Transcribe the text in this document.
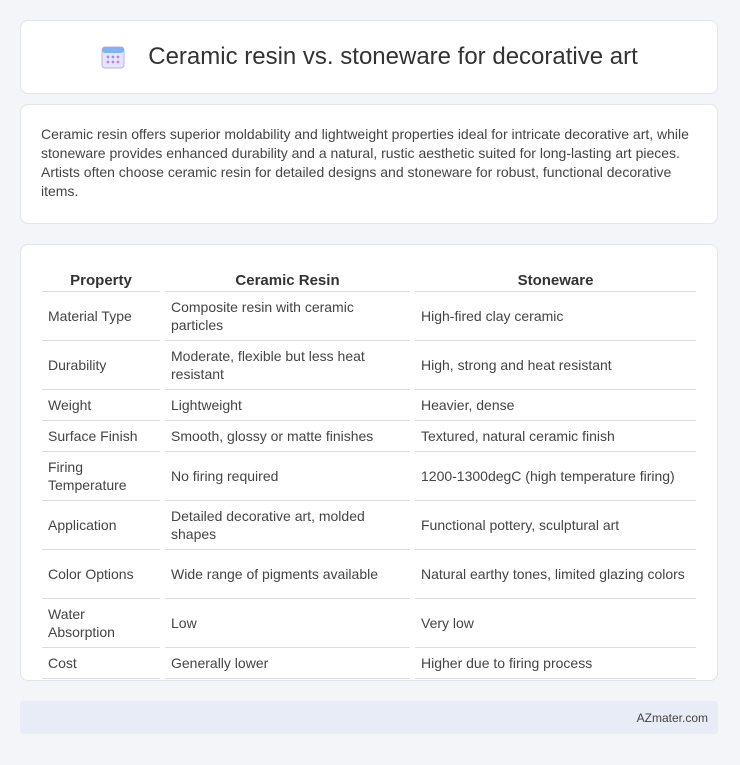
Ceramic resin vs. stoneware for decorative art

Ceramic resin offers superior moldability and lightweight properties ideal for intricate decorative art, while stoneware provides enhanced durability and a natural, rustic aesthetic suited for long-lasting art pieces. Artists often choose ceramic resin for detailed designs and stoneware for robust, functional decorative items.

Property	Ceramic Resin	Stoneware
Material Type	Composite resin with ceramic particles	High-fired clay ceramic
Durability	Moderate, flexible but less heat resistant	High, strong and heat resistant
Weight	Lightweight	Heavier, dense
Surface Finish	Smooth, glossy or matte finishes	Textured, natural ceramic finish
Firing Temperature	No firing required	1200-1300degC (high temperature firing)
Application	Detailed decorative art, molded shapes	Functional pottery, sculptural art
Color Options	Wide range of pigments available	Natural earthy tones, limited glazing colors
Water Absorption	Low	Very low
Cost	Generally lower	Higher due to firing process
AZmater.com
